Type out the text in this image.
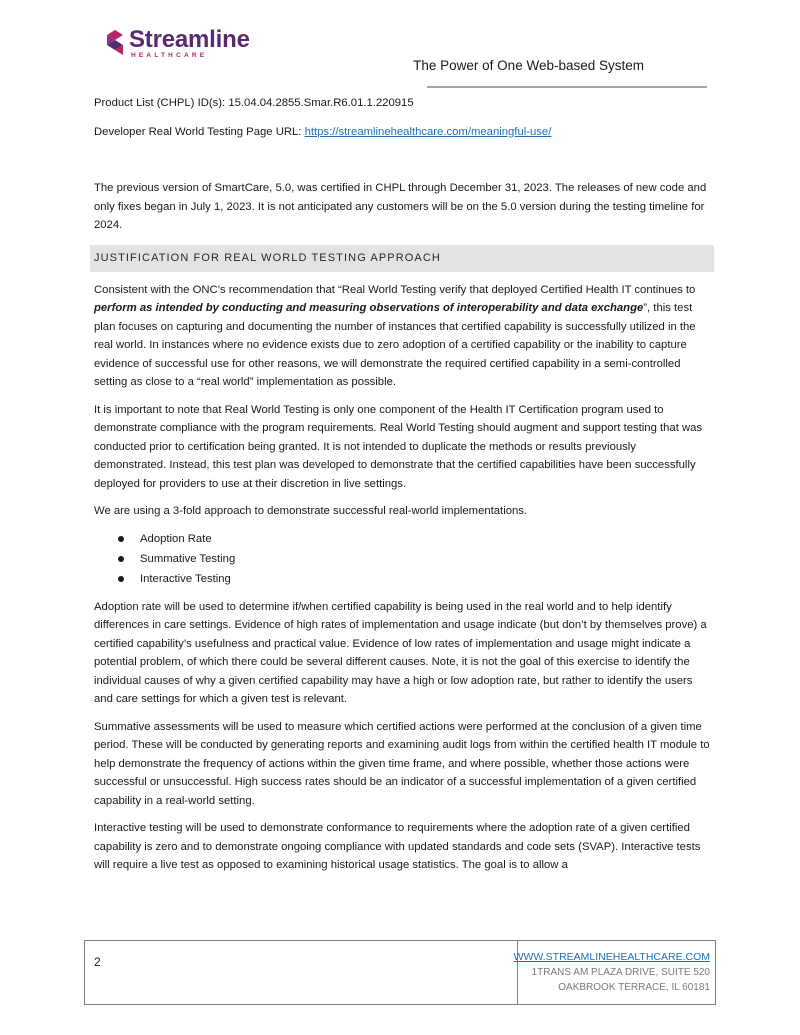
Streamline
HEALTHCARE
The Power of One Web-based System

Product List (CHPL) ID(s): 15.04.04.2855.Smar.R6.01.1.220915

Developer Real World Testing Page URL: https://streamlinehealthcare.com/meaningful-use/

The previous version of SmartCare, 5.0, was certified in CHPL through December 31, 2023. The releases of new code and only fixes began in July 1, 2023. It is not anticipated any customers will be on the 5.0 version during the testing timeline for 2024.

JUSTIFICATION FOR REAL WORLD TESTING APPROACH

Consistent with the ONC’s recommendation that “Real World Testing verify that deployed Certified Health IT continues to perform as intended by conducting and measuring observations of interoperability and data exchange”, this test plan focuses on capturing and documenting the number of instances that certified capability is successfully utilized in the real world. In instances where no evidence exists due to zero adoption of a certified capability or the inability to capture evidence of successful use for other reasons, we will demonstrate the required certified capability in a semi-controlled setting as close to a “real world” implementation as possible.

It is important to note that Real World Testing is only one component of the Health IT Certification program used to demonstrate compliance with the program requirements. Real World Testing should augment and support testing that was conducted prior to certification being granted. It is not intended to duplicate the methods or results previously demonstrated. Instead, this test plan was developed to demonstrate that the certified capabilities have been successfully deployed for providers to use at their discretion in live settings.

We are using a 3-fold approach to demonstrate successful real-world implementations.

Adoption Rate
Summative Testing
Interactive Testing

Adoption rate will be used to determine if/when certified capability is being used in the real world and to help identify differences in care settings. Evidence of high rates of implementation and usage indicate (but don’t by themselves prove) a certified capability’s usefulness and practical value. Evidence of low rates of implementation and usage might indicate a potential problem, of which there could be several different causes. Note, it is not the goal of this exercise to identify the individual causes of why a given certified capability may have a high or low adoption rate, but rather to identify the users and care settings for which a given test is relevant.

Summative assessments will be used to measure which certified actions were performed at the conclusion of a given time period. These will be conducted by generating reports and examining audit logs from within the certified health IT module to help demonstrate the frequency of actions within the given time frame, and where possible, whether those actions were successful or unsuccessful. High success rates should be an indicator of a successful implementation of a given certified capability in a real-world setting.

Interactive testing will be used to demonstrate conformance to requirements where the adoption rate of a given certified capability is zero and to demonstrate ongoing compliance with updated standards and code sets (SVAP). Interactive tests will require a live test as opposed to examining historical usage statistics. The goal is to allow a

2	WWW.STREAMLINEHEALTHCARE.COM
1TRANS AM PLAZA DRIVE, SUITE 520
OAKBROOK TERRACE, IL 60181
